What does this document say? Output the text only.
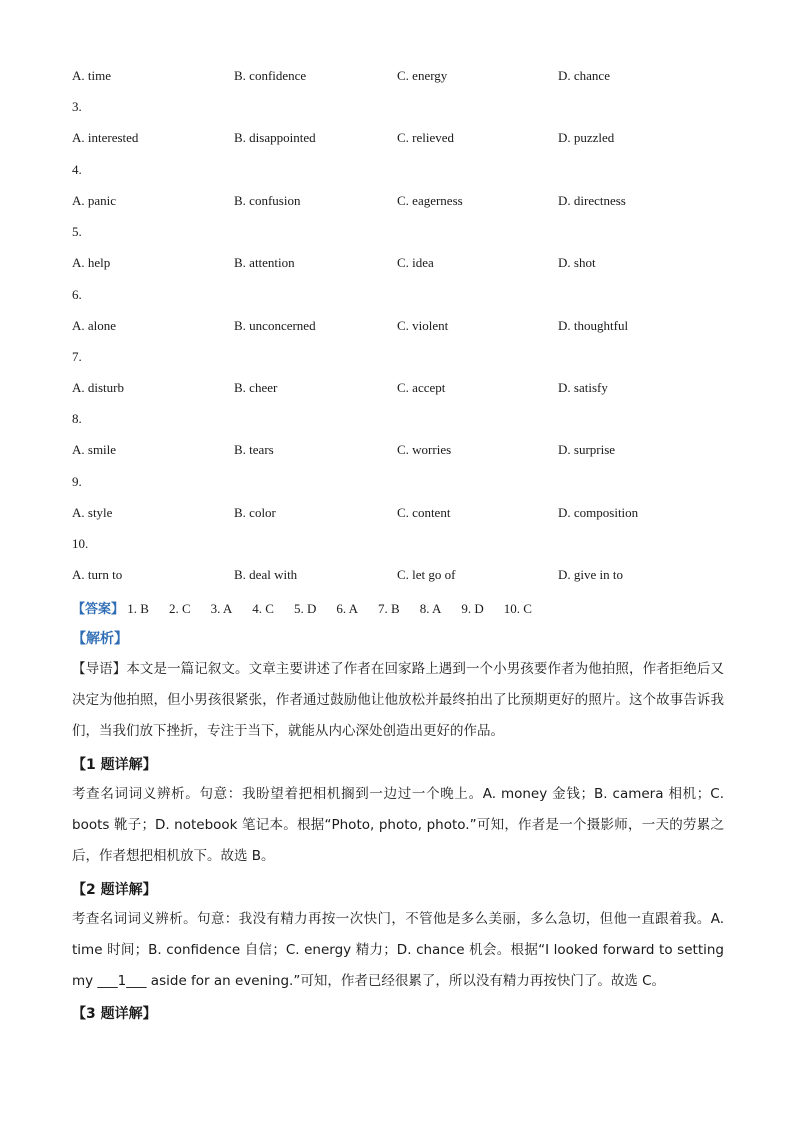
A. time	B. confidence	C. energy	D. chance
3.
A. interested	B. disappointed	C. relieved	D. puzzled
4.
A. panic	B. confusion	C. eagerness	D. directness
5.
A. help	B. attention	C. idea	D. shot
6.
A. alone	B. unconcerned	C. violent	D. thoughtful
7.
A. disturb	B. cheer	C. accept	D. satisfy
8.
A. smile	B. tears	C. worries	D. surprise
9.
A. style	B. color	C. content	D. composition
10.
A. turn to	B. deal with	C. let go of	D. give in to
【答案】 1. B 2. C 3. A 4. C 5. D 6. A 7. B 8. A 9. D 10. C
【解析】
【导语】本文是一篇记叙文。文章主要讲述了作者在回家路上遇到一个小男孩要作者为他拍照，作者拒绝后又决定为他拍照，但小男孩很紧张，作者通过鼓励他让他放松并最终拍出了比预期更好的照片。这个故事告诉我们，当我们放下挫折，专注于当下，就能从内心深处创造出更好的作品。
【1 题详解】
考查名词词义辨析。句意：我盼望着把相机搁到一边过一个晚上。A. money 金钱；B. camera 相机；C. boots 靴子；D. notebook 笔记本。根据“Photo, photo, photo.”可知，作者是一个摄影师，一天的劳累之后，作者想把相机放下。故选 B。
【2 题详解】
考查名词词义辨析。句意：我没有精力再按一次快门，不管他是多么美丽，多么急切，但他一直跟着我。A. time 时间；B. confidence 自信；C. energy 精力；D. chance 机会。根据“I looked forward to setting my ___1___ aside for an evening.”可知，作者已经很累了，所以没有精力再按快门了。故选 C。
【3 题详解】
